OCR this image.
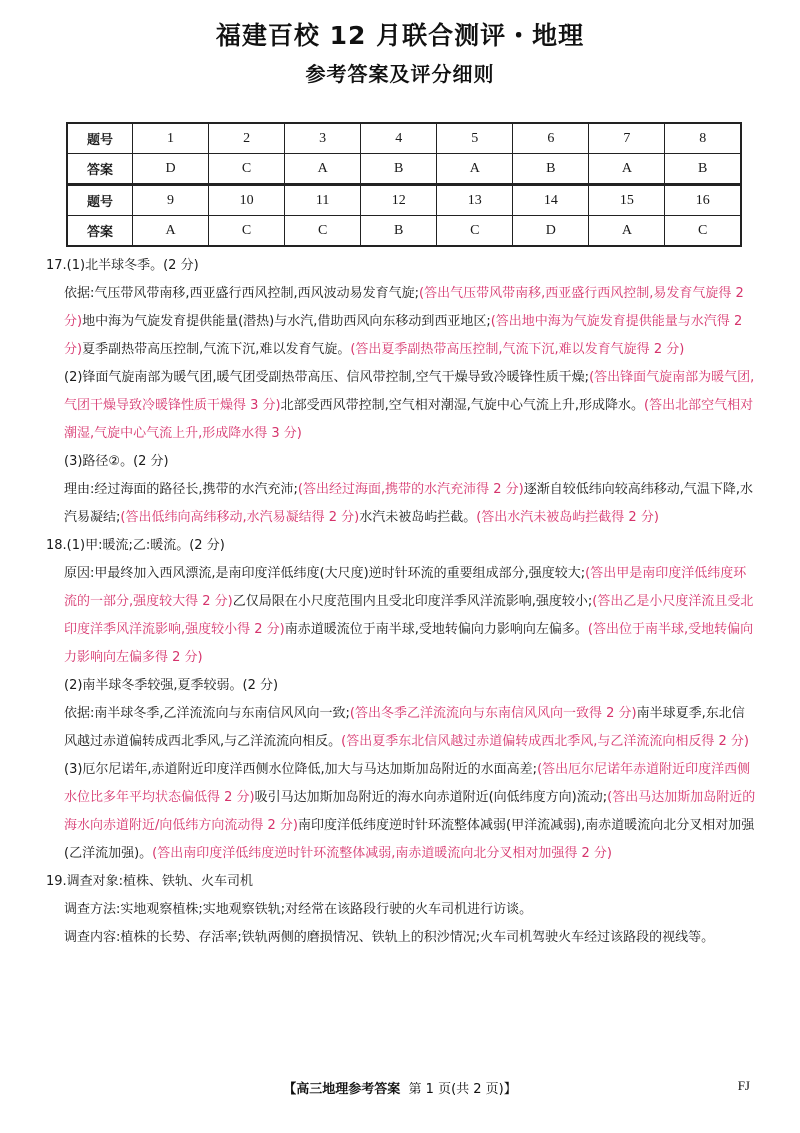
福建百校 12 月联合测评・地理
参考答案及评分细则
题号	1	2	3	4	5	6	7	8
答案	D	C	A	B	A	B	A	B
题号	9	10	11	12	13	14	15	16
答案	A	C	C	B	C	D	A	C

17.(1)北半球冬季。(2 分)

依据:气压带风带南移,西亚盛行西风控制,西风波动易发育气旋;(答出气压带风带南移,西亚盛行西风控制,易发育气旋得 2 分)地中海为气旋发育提供能量(潜热)与水汽,借助西风向东移动到西亚地区;(答出地中海为气旋发育提供能量与水汽得 2 分)夏季副热带高压控制,气流下沉,难以发育气旋。(答出夏季副热带高压控制,气流下沉,难以发育气旋得 2 分)

(2)锋面气旋南部为暖气团,暖气团受副热带高压、信风带控制,空气干燥导致冷暖锋性质干燥;(答出锋面气旋南部为暖气团,气团干燥导致冷暖锋性质干燥得 3 分)北部受西风带控制,空气相对潮湿,气旋中心气流上升,形成降水。(答出北部空气相对潮湿,气旋中心气流上升,形成降水得 3 分)

(3)路径②。(2 分)

理由:经过海面的路径长,携带的水汽充沛;(答出经过海面,携带的水汽充沛得 2 分)逐渐自较低纬向较高纬移动,气温下降,水汽易凝结;(答出低纬向高纬移动,水汽易凝结得 2 分)水汽未被岛屿拦截。(答出水汽未被岛屿拦截得 2 分)

18.(1)甲:暖流;乙:暖流。(2 分)

原因:甲最终加入西风漂流,是南印度洋低纬度(大尺度)逆时针环流的重要组成部分,强度较大;(答出甲是南印度洋低纬度环流的一部分,强度较大得 2 分)乙仅局限在小尺度范围内且受北印度洋季风洋流影响,强度较小;(答出乙是小尺度洋流且受北印度洋季风洋流影响,强度较小得 2 分)南赤道暖流位于南半球,受地转偏向力影响向左偏多。(答出位于南半球,受地转偏向力影响向左偏多得 2 分)

(2)南半球冬季较强,夏季较弱。(2 分)

依据:南半球冬季,乙洋流流向与东南信风风向一致;(答出冬季乙洋流流向与东南信风风向一致得 2 分)南半球夏季,东北信风越过赤道偏转成西北季风,与乙洋流流向相反。(答出夏季东北信风越过赤道偏转成西北季风,与乙洋流流向相反得 2 分)

(3)厄尔尼诺年,赤道附近印度洋西侧水位降低,加大与马达加斯加岛附近的水面高差;(答出厄尔尼诺年赤道附近印度洋西侧水位比多年平均状态偏低得 2 分)吸引马达加斯加岛附近的海水向赤道附近(向低纬度方向)流动;(答出马达加斯加岛附近的海水向赤道附近/向低纬方向流动得 2 分)南印度洋低纬度逆时针环流整体减弱(甲洋流减弱),南赤道暖流向北分叉相对加强(乙洋流加强)。(答出南印度洋低纬度逆时针环流整体减弱,南赤道暖流向北分叉相对加强得 2 分)

19.调查对象:植株、铁轨、火车司机

调查方法:实地观察植株;实地观察铁轨;对经常在该路段行驶的火车司机进行访谈。

调查内容:植株的长势、存活率;铁轨两侧的磨损情况、铁轨上的积沙情况;火车司机驾驶火车经过该路段的视线等。

【高三地理参考答案 第 1 页(共 2 页)】	FJ
